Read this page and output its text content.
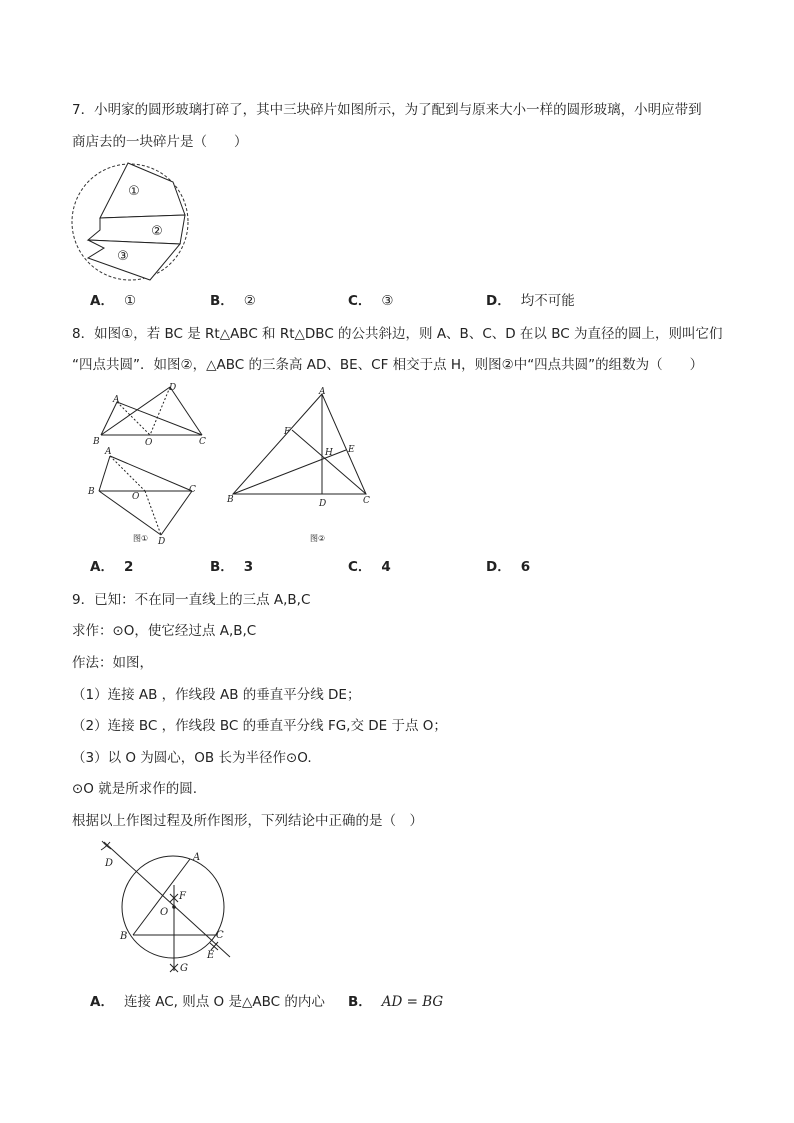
7．小明家的圆形玻璃打碎了，其中三块碎片如图所示，为了配到与原来大小一样的圆形玻璃，小明应带到
商店去的一块碎片是（　　）
①
②
③
A． ①	B． ②	C． ③	D． 均不可能
8．如图①，若 BC 是 Rt△ABC 和 Rt△DBC 的公共斜边，则 A、B、C、D 在以 BC 为直径的圆上，则叫它们
“四点共圆”．如图②，△ABC 的三条高 AD、BE、CF 相交于点 H，则图②中“四点共圆”的组数为（　　）
A
B	C
D
O
A
B	C
D
O
图①
A
B	C
D
E
F
H
图②
A． 2	B． 3	C． 4	D． 6
9．已知：不在同一直线上的三点 A,B,C
求作：⊙O，使它经过点 A,B,C
作法：如图，
（1）连接 AB ，作线段 AB 的垂直平分线 DE；
（2）连接 BC ，作线段 BC 的垂直平分线 FG,交 DE 于点 O；
（3）以 O 为圆心，OB 长为半径作⊙O.
⊙O 就是所求作的圆.
根据以上作图过程及所作图形，下列结论中正确的是（　）
A
B	C
D
E
F
G
O
A． 连接 AC, 则点 O 是△ABC 的内心 B． AD = BG
